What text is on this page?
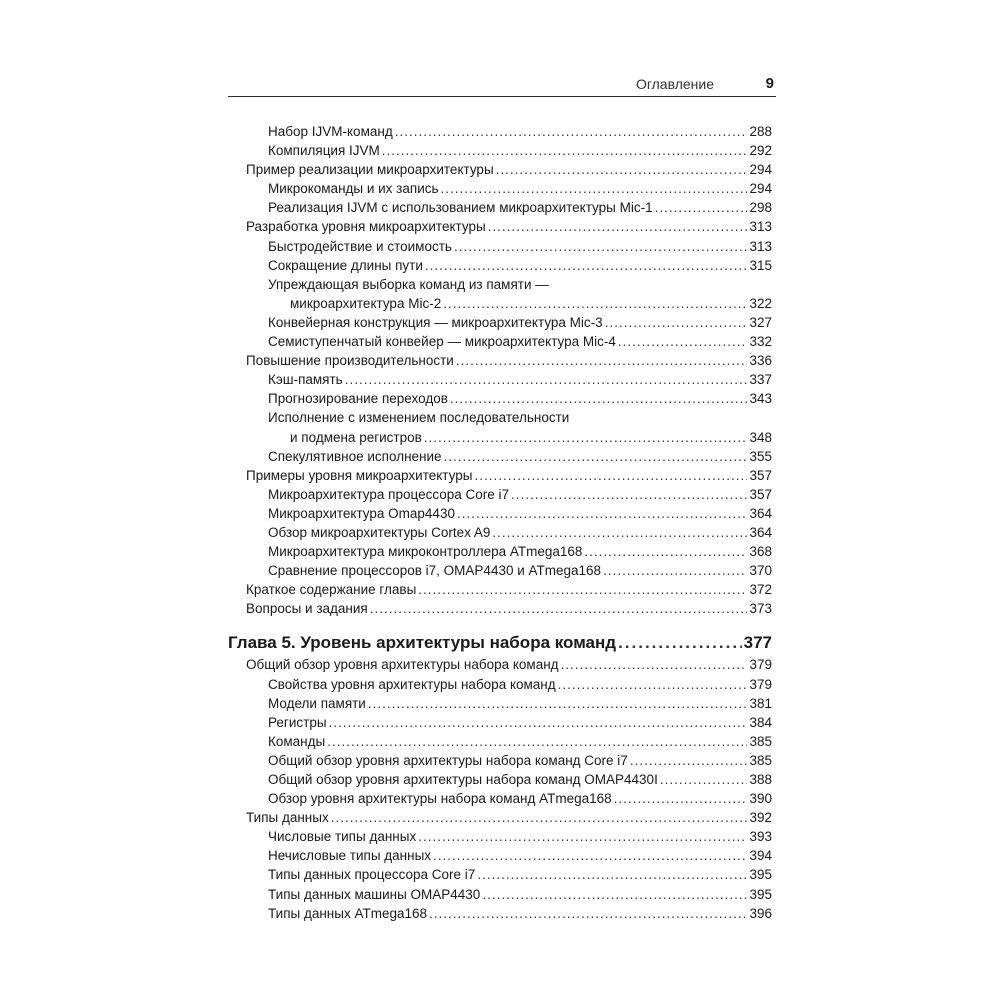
Оглавление	9
Набор IJVM-команд .....	288
Компиляция IJVM .....	292
Пример реализации микроархитектуры .....	294
Микрокоманды и их запись .....	294
Реализация IJVM с использованием микроархитектуры Mic-1 .....	298
Разработка уровня микроархитектуры .....	313
Быстродействие и стоимость .....	313
Сокращение длины пути .....	315
Упреждающая выборка команд из памяти —
микроархитектура Mic-2 .....	322
Конвейерная конструкция — микроархитектура Mic-3 .....	327
Семиступенчатый конвейер — микроархитектура Mic-4 .....	332
Повышение производительности .....	336
Кэш-память .....	337
Прогнозирование переходов .....	343
Исполнение с изменением последовательности
и подмена регистров .....	348
Спекулятивное исполнение .....	355
Примеры уровня микроархитектуры .....	357
Микроархитектура процессора Core i7 .....	357
Микроархитектура Omap4430 .....	364
Обзор микроархитектуры Cortex A9 .....	364
Микроархитектура микроконтроллера ATmega168 .....	368
Сравнение процессоров i7, OMAP4430 и ATmega168 .....	370
Краткое содержание главы .....	372
Вопросы и задания .....	373
Глава 5. Уровень архитектуры набора команд .....	377
Общий обзор уровня архитектуры набора команд .....	379
Свойства уровня архитектуры набора команд .....	379
Модели памяти .....	381
Регистры .....	384
Команды .....	385
Общий обзор уровня архитектуры набора команд Core i7 .....	385
Общий обзор уровня архитектуры набора команд OMAP4430I .....	388
Обзор уровня архитектуры набора команд ATmega168 .....	390
Типы данных .....	392
Числовые типы данных .....	393
Нечисловые типы данных .....	394
Типы данных процессора Core i7 .....	395
Типы данных машины OMAP4430 .....	395
Типы данных ATmega168 .....	396
